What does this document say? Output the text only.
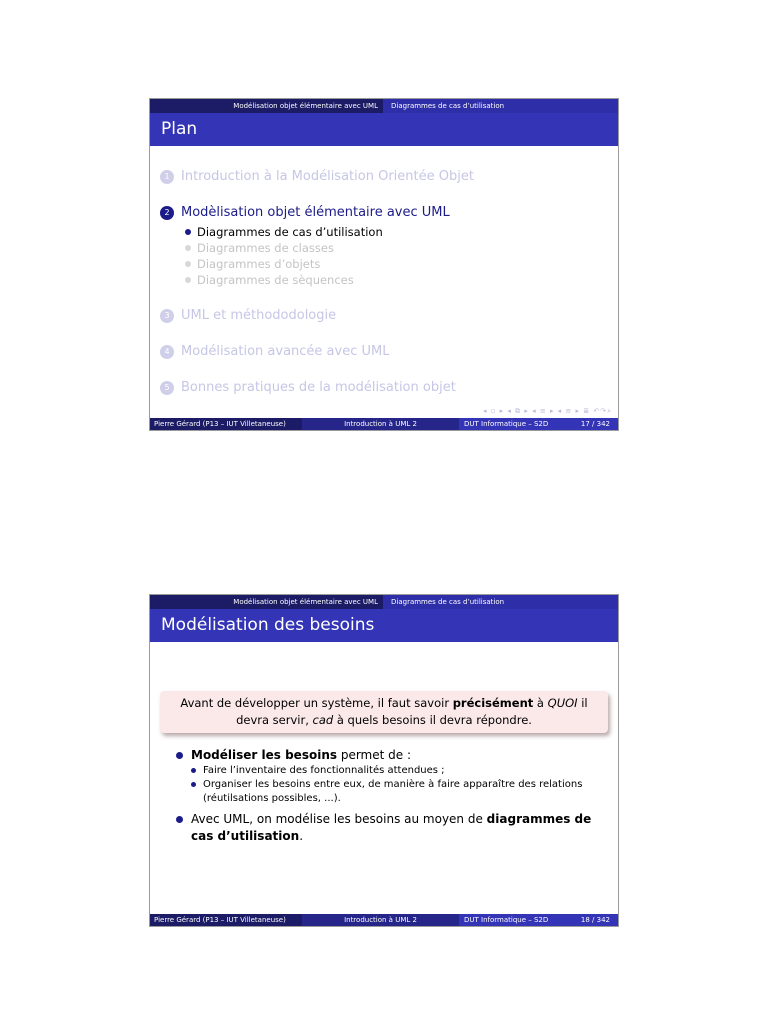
Modélisation objet élémentaire avec UML	Diagrammes de cas d’utilisation
Plan
1 Introduction à la Modélisation Orientée Objet
2 Modèlisation objet élémentaire avec UML
Diagrammes de cas d’utilisation
Diagrammes de classes
Diagrammes d’objets
Diagrammes de sèquences
3 UML et méthododologie
4 Modélisation avancée avec UML
5 Bonnes pratiques de la modélisation objet
◂ ▫ ▸ ◂ ⧉ ▸ ◂ ≡ ▸ ◂ ≡ ▸ ≣ ↶↷⌕
Pierre Gérard (P13 – IUT Villetaneuse)	Introduction à UML 2	DUT Informatique – S2D	17 / 342
Modélisation objet élémentaire avec UML	Diagrammes de cas d’utilisation
Modélisation des besoins
Avant de développer un système, il faut savoir précisément à QUOI il
devra servir, cad à quels besoins il devra répondre.
Modéliser les besoins permet de :
Faire l’inventaire des fonctionnalités attendues ;
Organiser les besoins entre eux, de manière à faire apparaître des relations (réutilsations possibles, ...).
Avec UML, on modélise les besoins au moyen de diagrammes de cas d’utilisation.
Pierre Gérard (P13 – IUT Villetaneuse)	Introduction à UML 2	DUT Informatique – S2D	18 / 342
